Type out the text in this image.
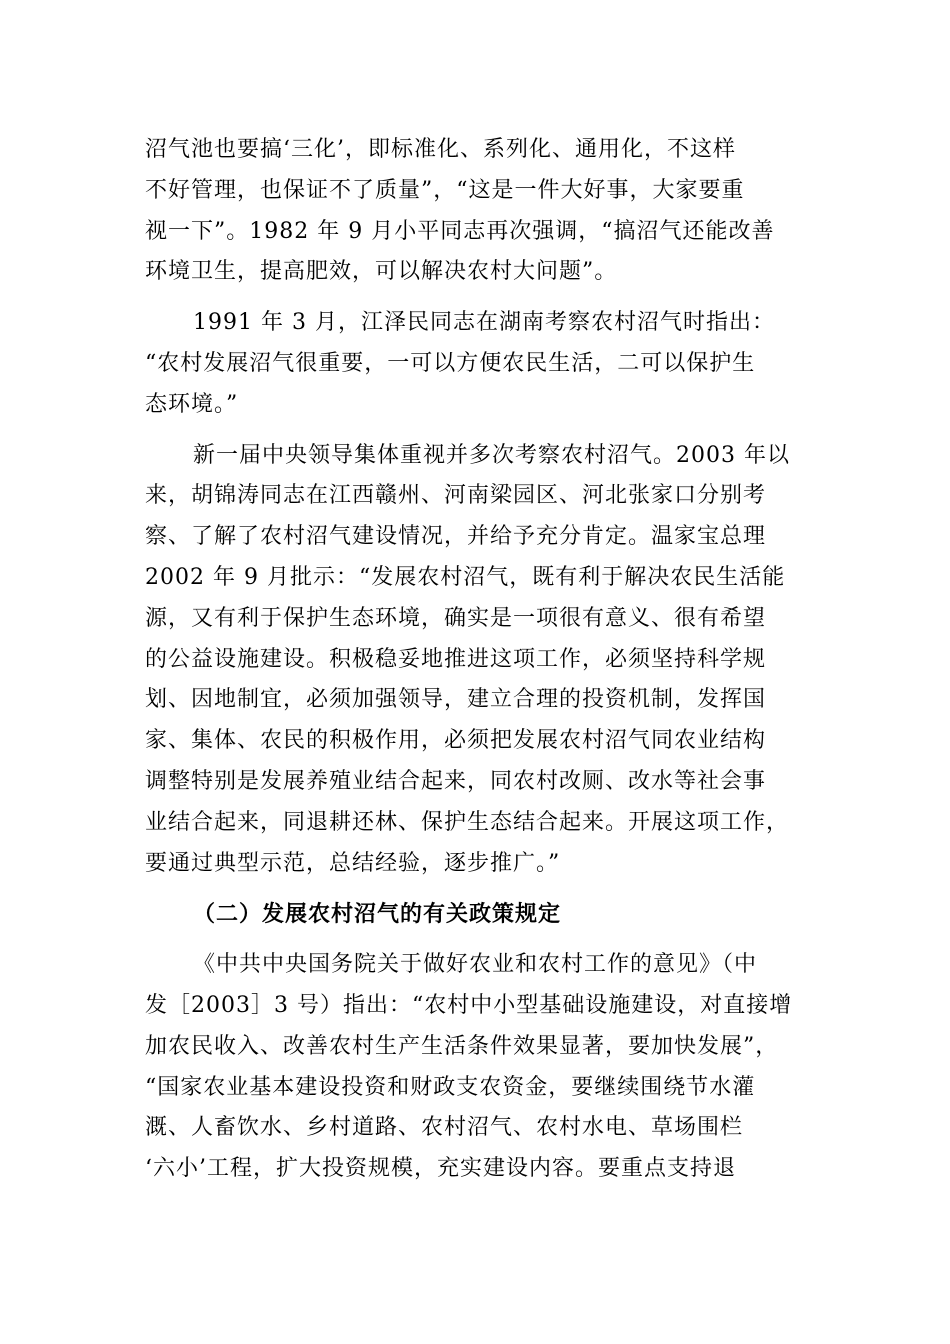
沼气池也要搞‘三化’，即标准化、系列化、通用化，不这样
不好管理，也保证不了质量”，“这是一件大好事，大家要重
视一下”。1982 年 9 月小平同志再次强调，“搞沼气还能改善
环境卫生，提高肥效，可以解决农村大问题”。
1991 年 3 月，江泽民同志在湖南考察农村沼气时指出：
“农村发展沼气很重要，一可以方便农民生活，二可以保护生
态环境。”
新一届中央领导集体重视并多次考察农村沼气。2003 年以
来，胡锦涛同志在江西赣州、河南梁园区、河北张家口分别考
察、了解了农村沼气建设情况，并给予充分肯定。温家宝总理
2002 年 9 月批示：“发展农村沼气，既有利于解决农民生活能
源，又有利于保护生态环境，确实是一项很有意义、很有希望
的公益设施建设。积极稳妥地推进这项工作，必须坚持科学规
划、因地制宜，必须加强领导，建立合理的投资机制，发挥国
家、集体、农民的积极作用，必须把发展农村沼气同农业结构
调整特别是发展养殖业结合起来，同农村改厕、改水等社会事
业结合起来，同退耕还林、保护生态结合起来。开展这项工作，
要通过典型示范，总结经验，逐步推广。”
（二）发展农村沼气的有关政策规定
《中共中央国务院关于做好农业和农村工作的意见》（中
发［2003］3 号）指出：“农村中小型基础设施建设，对直接增
加农民收入、改善农村生产生活条件效果显著，要加快发展”，
“国家农业基本建设投资和财政支农资金，要继续围绕节水灌
溉、人畜饮水、乡村道路、农村沼气、农村水电、草场围栏
‘六小’工程，扩大投资规模，充实建设内容。要重点支持退
